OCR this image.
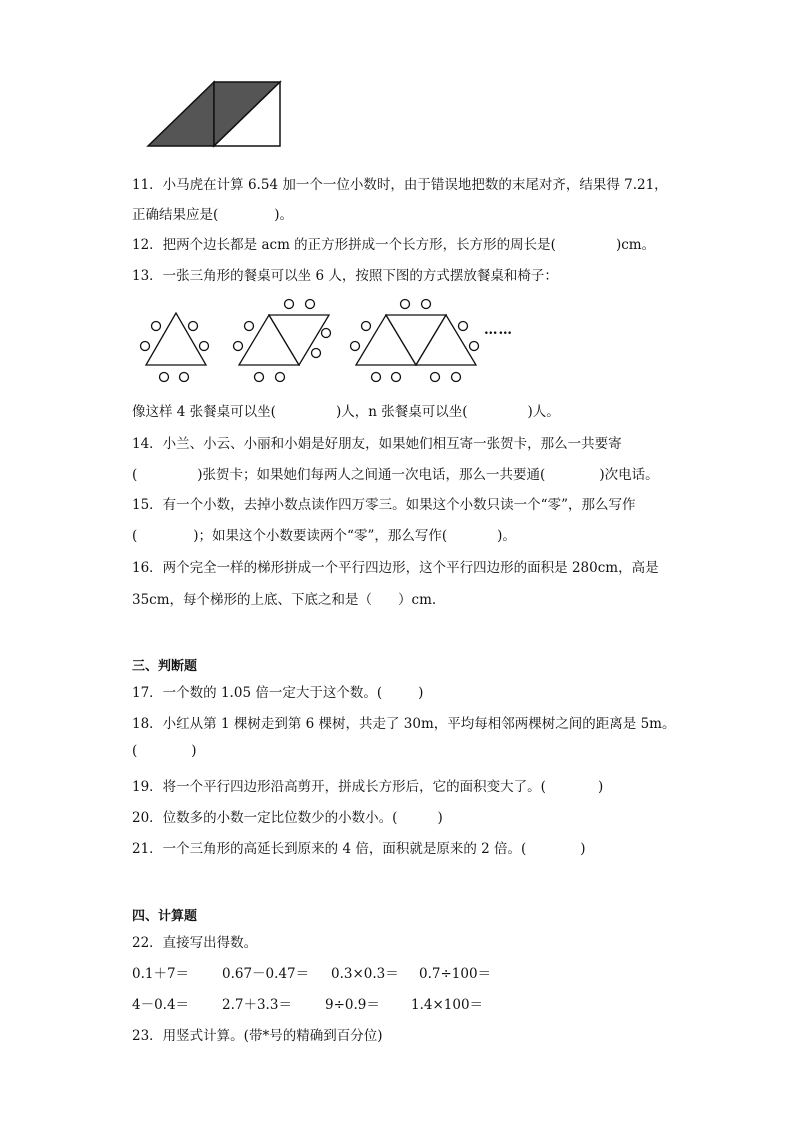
11．小马虎在计算 6.54 加一个一位小数时，由于错误地把数的末尾对齐，结果得 7.21，
正确结果应是(	)。
12．把两个边长都是 acm 的正方形拼成一个长方形，长方形的周长是(	)cm。
13．一张三角形的餐桌可以坐 6 人，按照下图的方式摆放餐桌和椅子：
……
像这样 4 张餐桌可以坐(	)人，n 张餐桌可以坐(	)人。
14．小兰、小云、小丽和小娟是好朋友，如果她们相互寄一张贺卡，那么一共要寄
(	)张贺卡；如果她们每两人之间通一次电话，那么一共要通(	)次电话。
15．有一个小数，去掉小数点读作四万零三。如果这个小数只读一个“零”，那么写作
(	)；如果这个小数要读两个“零”，那么写作(	)。
16．两个完全一样的梯形拼成一个平行四边形，这个平行四边形的面积是 280cm，高是
35cm，每个梯形的上底、下底之和是（ ）cm.
三、判断题
17．一个数的 1.05 倍一定大于这个数。(	)
18．小红从第 1 棵树走到第 6 棵树，共走了 30m，平均每相邻两棵树之间的距离是 5m。
(	)
19．将一个平行四边形沿高剪开，拼成长方形后，它的面积变大了。(	)
20．位数多的小数一定比位数少的小数小。(	)
21．一个三角形的高延长到原来的 4 倍，面积就是原来的 2 倍。(	)
四、计算题
22．直接写出得数。
0.1＋7＝ 0.67－0.47＝ 0.3×0.3＝ 0.7÷100＝
4－0.4＝ 2.7＋3.3＝ 9÷0.9＝ 1.4×100＝
23．用竖式计算。(带*号的精确到百分位)
